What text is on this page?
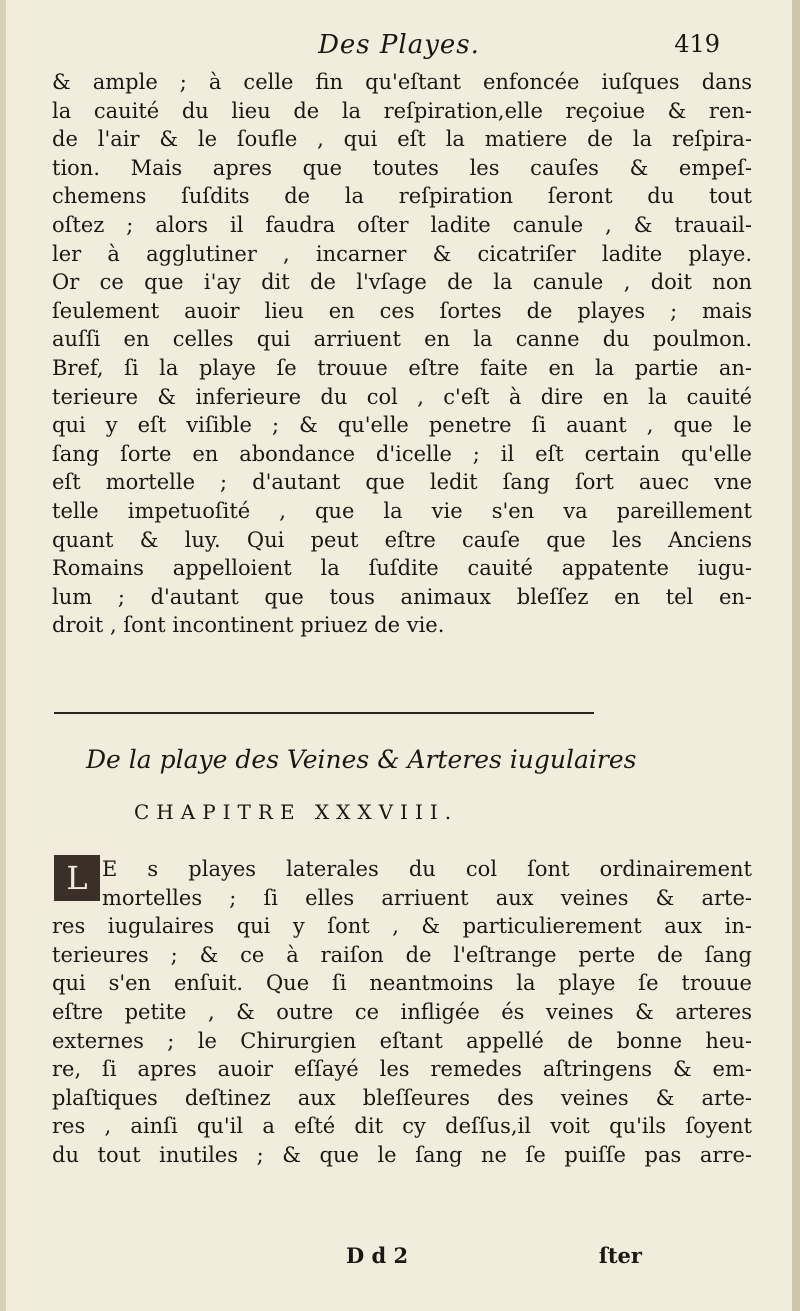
Des Playes.	419
& ample ; à celle fin qu'eſtant enfoncée iuſques dans
la cauité du lieu de la reſpiration,elle reçoiue & ren-
de l'air & le ſoufle , qui eſt la matiere de la reſpira-
tion. Mais apres que toutes les cauſes & empeſ-
chemens ſuſdits de la reſpiration ſeront du tout
oſtez ; alors il faudra oſter ladite canule , & trauail-
ler à agglutiner , incarner & cicatriſer ladite playe.
Or ce que i'ay dit de l'vſage de la canule , doit non
ſeulement auoir lieu en ces ſortes de playes ; mais
auſſi en celles qui arriuent en la canne du poulmon.
Bref, ſi la playe ſe trouue eſtre faite en la partie an-
terieure & inferieure du col , c'eſt à dire en la cauité
qui y eſt viſible ; & qu'elle penetre ſi auant , que le
ſang ſorte en abondance d'icelle ; il eſt certain qu'elle
eſt mortelle ; d'autant que ledit ſang ſort auec vne
telle impetuoſité , que la vie s'en va pareillement
quant & luy. Qui peut eſtre cauſe que les Anciens
Romains appelloient la ſuſdite cauité appatente iugu-
lum ; d'autant que tous animaux bleſſez en tel en-
droit , ſont incontinent priuez de vie.
De la playe des Veines & Arteres iugulaires
CHAPITRE XXXVIII.
L E s playes laterales du col ſont ordinairement
mortelles ; ſi elles arriuent aux veines & arte-
res iugulaires qui y ſont , & particulierement aux in-
terieures ; & ce à raiſon de l'eſtrange perte de ſang
qui s'en enſuit. Que ſi neantmoins la playe ſe trouue
eſtre petite , & outre ce infligée és veines & arteres
externes ; le Chirurgien eſtant appellé de bonne heu-
re, ſi apres auoir eſſayé les remedes aſtringens & em-
plaſtiques deſtinez aux bleſſeures des veines & arte-
res , ainſi qu'il a eſté dit cy deſſus,il voit qu'ils ſoyent
du tout inutiles ; & que le ſang ne ſe puiſſe pas arre-
D d 2	ſter
